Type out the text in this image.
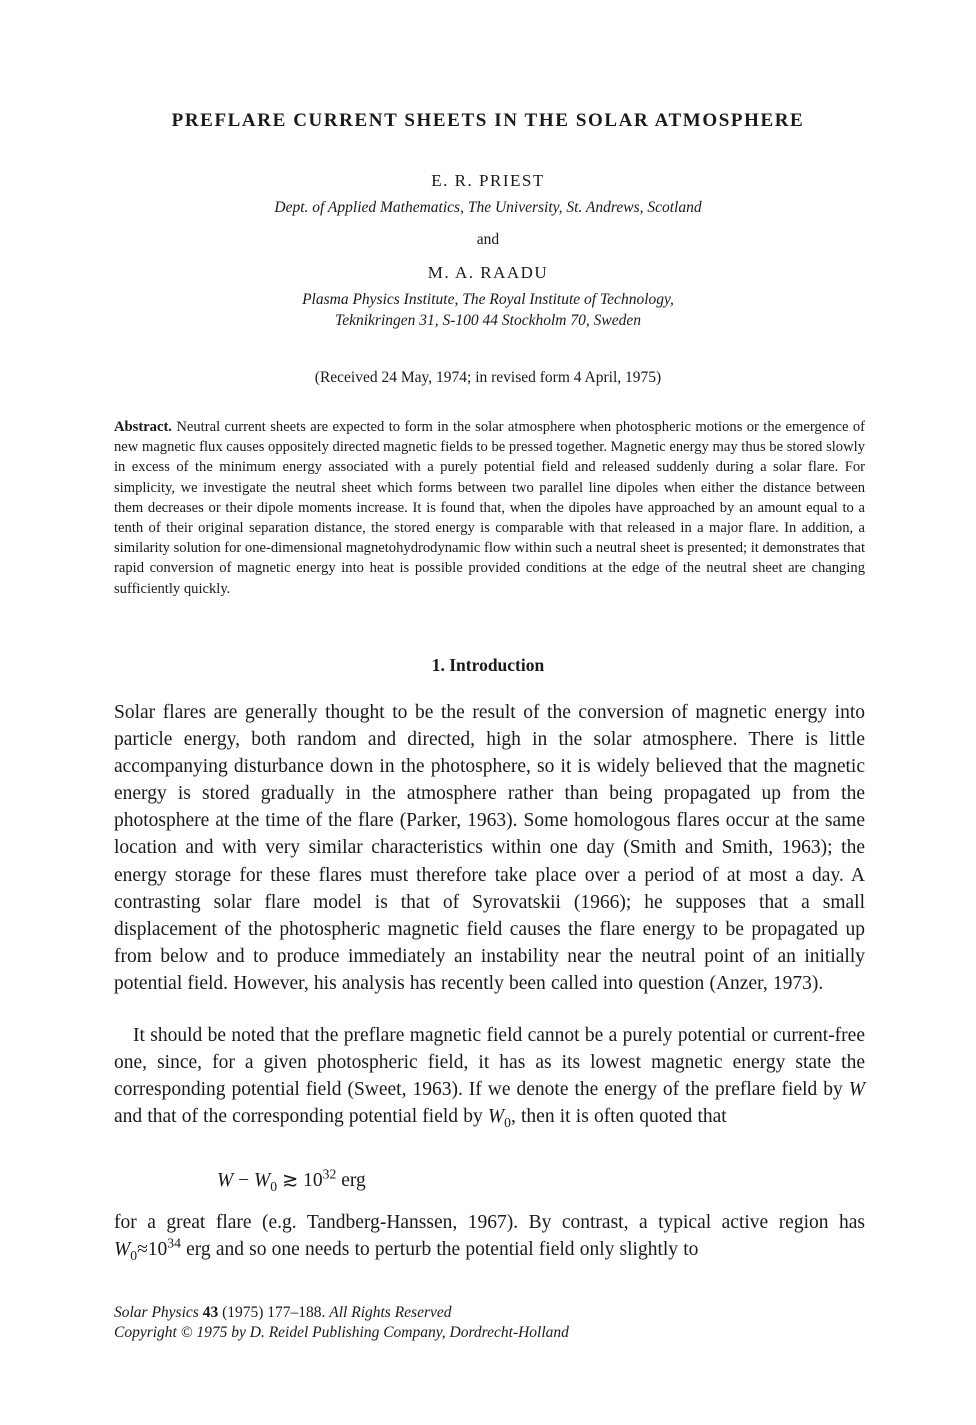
PREFLARE CURRENT SHEETS IN THE SOLAR ATMOSPHERE
E. R. PRIEST
Dept. of Applied Mathematics, The University, St. Andrews, Scotland
and
M. A. RAADU
Plasma Physics Institute, The Royal Institute of Technology,
Teknikringen 31, S-100 44 Stockholm 70, Sweden
(Received 24 May, 1974; in revised form 4 April, 1975)
Abstract. Neutral current sheets are expected to form in the solar atmosphere when photospheric motions or the emergence of new magnetic flux causes oppositely directed magnetic fields to be pressed together. Magnetic energy may thus be stored slowly in excess of the minimum energy associated with a purely potential field and released suddenly during a solar flare. For simplicity, we investigate the neutral sheet which forms between two parallel line dipoles when either the distance between them decreases or their dipole moments increase. It is found that, when the dipoles have approached by an amount equal to a tenth of their original separation distance, the stored energy is comparable with that released in a major flare. In addition, a similarity solution for one-dimensional magnetohydrodynamic flow within such a neutral sheet is presented; it demonstrates that rapid conversion of magnetic energy into heat is possible provided conditions at the edge of the neutral sheet are changing sufficiently quickly.
1. Introduction
Solar flares are generally thought to be the result of the conversion of magnetic energy into particle energy, both random and directed, high in the solar atmosphere. There is little accompanying disturbance down in the photosphere, so it is widely believed that the magnetic energy is stored gradually in the atmosphere rather than being propagated up from the photosphere at the time of the flare (Parker, 1963). Some homologous flares occur at the same location and with very similar characteristics within one day (Smith and Smith, 1963); the energy storage for these flares must therefore take place over a period of at most a day. A contrasting solar flare model is that of Syrovatskii (1966); he supposes that a small displacement of the photospheric magnetic field causes the flare energy to be propagated up from below and to produce immediately an instability near the neutral point of an initially potential field. However, his analysis has recently been called into question (Anzer, 1973).
It should be noted that the preflare magnetic field cannot be a purely potential or current-free one, since, for a given photospheric field, it has as its lowest magnetic energy state the corresponding potential field (Sweet, 1963). If we denote the energy of the preflare field by W and that of the corresponding potential field by $W_0$, then it is often quoted that
$W - W_0$ ≳ $10^{32}$ erg
for a great flare (e.g. Tandberg-Hanssen, 1967). By contrast, a typical active region has $W_0\approx 10^{34}$ erg and so one needs to perturb the potential field only slightly to
Solar Physics 43 (1975) 177–188. All Rights Reserved
Copyright © 1975 by D. Reidel Publishing Company, Dordrecht-Holland
